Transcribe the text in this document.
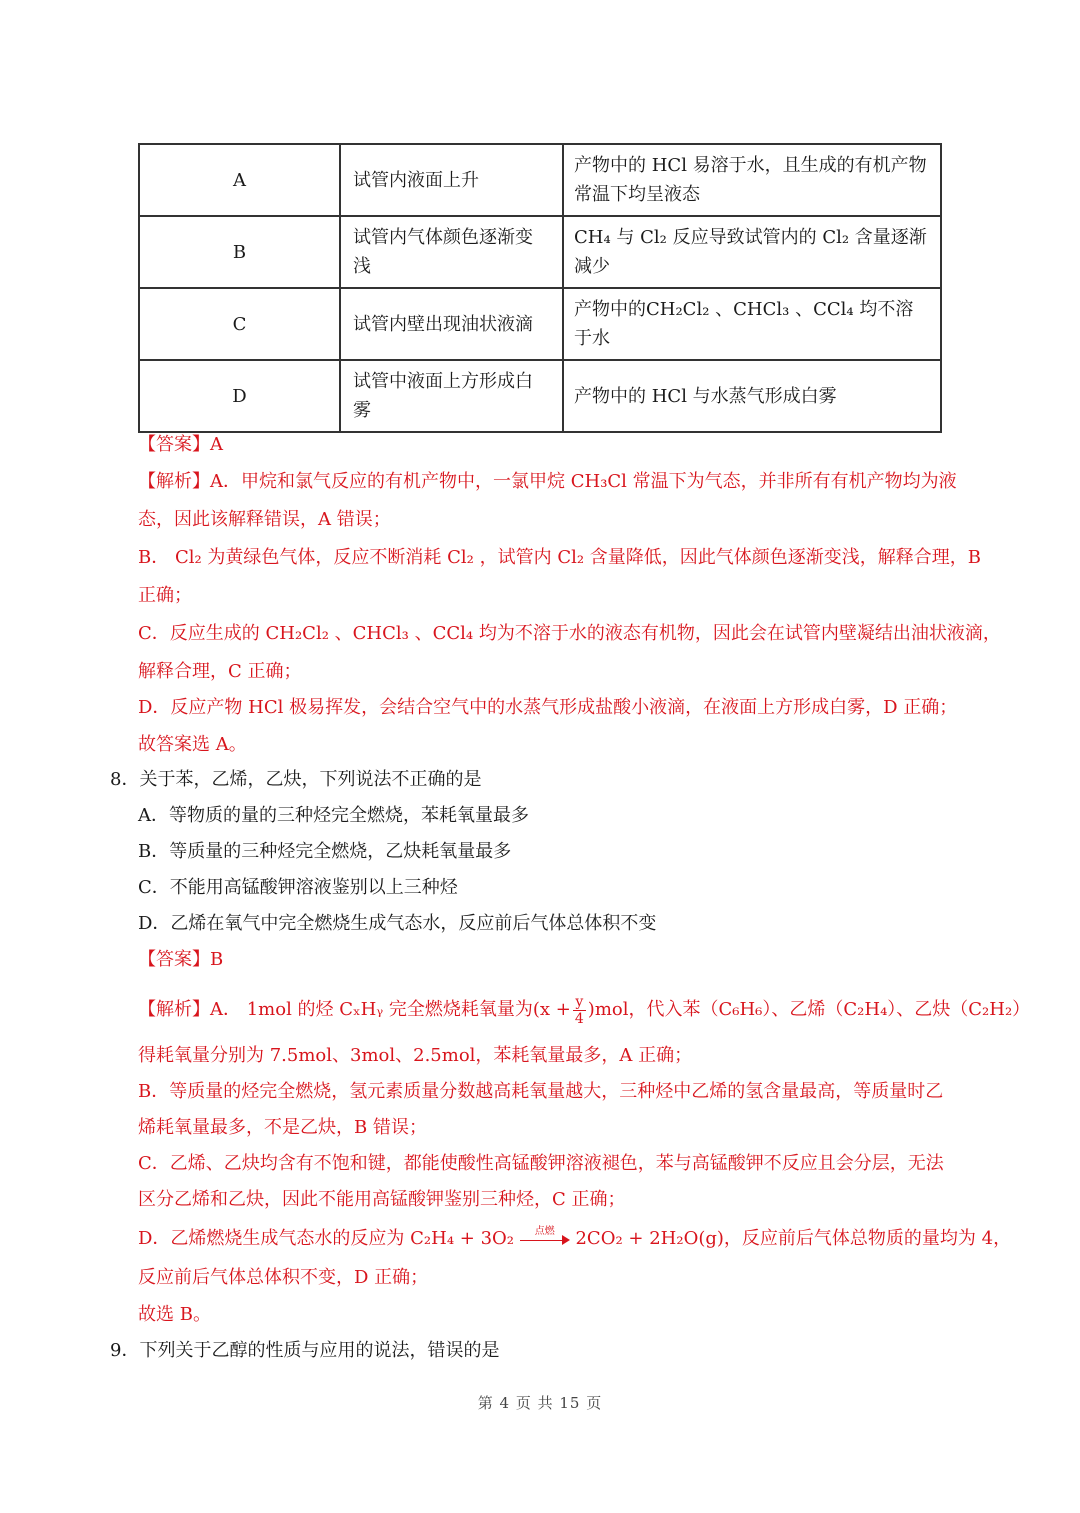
A	试管内液面上升	产物中的 HCl 易溶于水，且生成的有机产物常温下均呈液态
B	试管内气体颜色逐渐变浅	CH₄ 与 Cl₂ 反应导致试管内的 Cl₂ 含量逐渐减少
C	试管内壁出现油状液滴	产物中的CH₂Cl₂ 、CHCl₃ 、CCl₄ 均不溶于水
D	试管中液面上方形成白雾	产物中的 HCl 与水蒸气形成白雾
【答案】A
【解析】A．甲烷和氯气反应的有机产物中，一氯甲烷 CH₃Cl 常温下为气态，并非所有有机产物均为液
态，因此该解释错误，A 错误；
B． Cl₂ 为黄绿色气体，反应不断消耗 Cl₂ ，试管内 Cl₂ 含量降低，因此气体颜色逐渐变浅，解释合理，B
正确；
C．反应生成的 CH₂Cl₂ 、CHCl₃ 、CCl₄ 均为不溶于水的液态有机物，因此会在试管内壁凝结出油状液滴，
解释合理，C 正确；
D．反应产物 HCl 极易挥发，会结合空气中的水蒸气形成盐酸小液滴，在液面上方形成白雾，D 正确；
故答案选 A。
8．关于苯，乙烯，乙炔，下列说法不正确的是
A．等物质的量的三种烃完全燃烧，苯耗氧量最多
B．等质量的三种烃完全燃烧，乙炔耗氧量最多
C．不能用高锰酸钾溶液鉴别以上三种烃
D．乙烯在氧气中完全燃烧生成气态水，反应前后气体总体积不变
【答案】B
【解析】A． 1mol 的烃 CₓHᵧ 完全燃烧耗氧量为$(x + \frac{y}{4} )mol$，代入苯（C₆H₆）、乙烯（C₂H₄）、乙炔（C₂H₂）
得耗氧量分别为 7.5mol、3mol、2.5mol，苯耗氧量最多，A 正确；
B．等质量的烃完全燃烧，氢元素质量分数越高耗氧量越大，三种烃中乙烯的氢含量最高，等质量时乙
烯耗氧量最多，不是乙炔，B 错误；
C．乙烯、乙炔均含有不饱和键，都能使酸性高锰酸钾溶液褪色，苯与高锰酸钾不反应且会分层，无法
区分乙烯和乙炔，因此不能用高锰酸钾鉴别三种烃，C 正确；
D．乙烯燃烧生成气态水的反应为 C₂H₄ + 3O₂	点燃	2CO₂ + 2H₂O(g)，反应前后气体总物质的量均为 4，
反应前后气体总体积不变，D 正确；
故选 B。
9．下列关于乙醇的性质与应用的说法，错误的是
第 4 页 共 15 页
